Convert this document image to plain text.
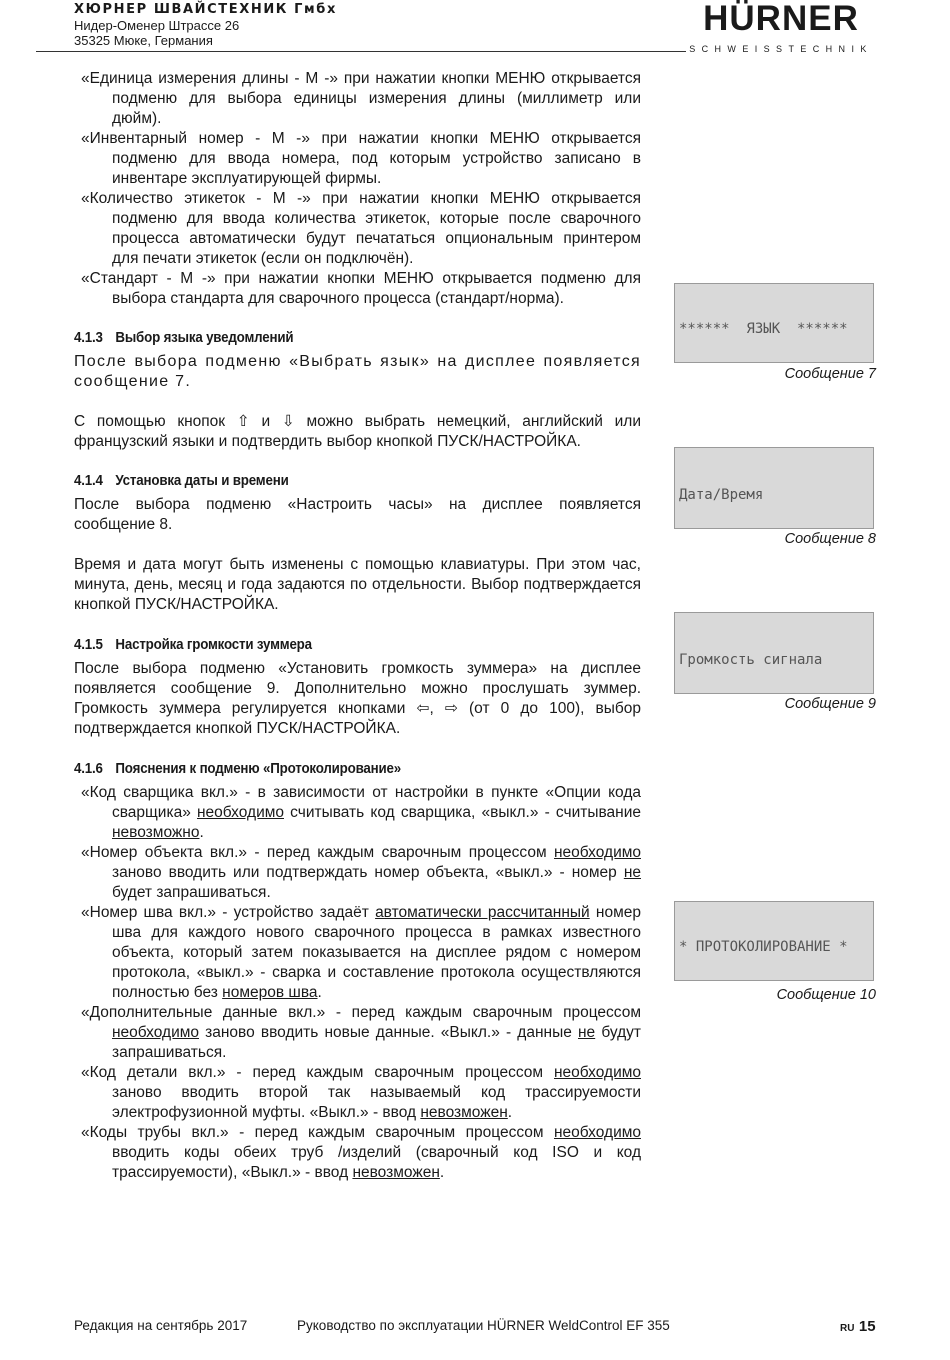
ХЮРНЕР ШВАЙСТЕХНИК Гмбх
Нидер-Оменер Штрассе 26
35325 Мюке, Германия
HÜRNER
SCHWEISSTECHNIK
«Единица измерения длины - М -» при нажатии кнопки МЕНЮ открывается подменю для выбора единицы измерения длины (миллиметр или дюйм).
«Инвентарный номер - М -» при нажатии кнопки МЕНЮ открывается подменю для ввода номера, под которым устройство записано в инвентаре эксплуатирующей фирмы.
«Количество этикеток - М -» при нажатии кнопки МЕНЮ открывается подменю для ввода количества этикеток, которые после сварочного процесса автоматически будут печататься опциональным принтером для печати этикеток (если он подключён).
«Стандарт - М -» при нажатии кнопки МЕНЮ открывается подменю для выбора стандарта для сварочного процесса (стандарт/норма).
4.1.3 Выбор языка уведомлений
После выбора подменю «Выбрать язык» на дисплее появляется сообщение 7.
С помощью кнопок ⇧ и ⇩ можно выбрать немецкий, английский или французский языки и подтвердить выбор кнопкой ПУСК/НАСТРОЙКА.
4.1.4 Установка даты и времени
После выбора подменю «Настроить часы» на дисплее появляется сообщение 8.
Время и дата могут быть изменены с помощью клавиатуры. При этом час, минута, день, месяц и года задаются по отдельности. Выбор подтверждается кнопкой ПУСК/НАСТРОЙКА.
4.1.5 Настройка громкости зуммера
После выбора подменю «Установить громкость зуммера» на дисплее появляется сообщение 9. Дополнительно можно прослушать зуммер. Громкость зуммера регулируется кнопками ⇦, ⇨ (от 0 до 100), выбор подтверждается кнопкой ПУСК/НАСТРОЙКА.
4.1.6 Пояснения к подменю «Протоколирование»
«Код сварщика вкл.» - в зависимости от настройки в пункте «Опции кода сварщика» необходимо считывать код сварщика, «выкл.» - считывание невозможно.
«Номер объекта вкл.» - перед каждым сварочным процессом необходимо заново вводить или подтверждать номер объекта, «выкл.» - номер не будет запрашиваться.
«Номер шва вкл.» - устройство задаёт автоматически рассчитанный номер шва для каждого нового сварочного процесса в рамках известного объекта, который затем показывается на дисплее рядом с номером протокола, «выкл.» - сварка и составление протокола осуществляются полностью без номеров шва.
«Дополнительные данные вкл.» - перед каждым сварочным процессом необходимо заново вводить новые данные. «Выкл.» - данные не будут запрашиваться.
«Код детали вкл.» - перед каждым сварочным процессом необходимо заново вводить второй так называемый код трассируемости электрофузионной муфты. «Выкл.» - ввод невозможен.
«Коды трубы вкл.» - перед каждым сварочным процессом необходимо вводить коды обеих труб /изделий (сварочный код ISO и код трассируемости), «Выкл.» - ввод невозможен.

******  ЯЗЫК  ******

Сообщение 7

Дата/Время

Сообщение 8

Громкость сигнала

Сообщение 9

* ПРОТОКОЛИРОВАНИЕ *

Сообщение 10
Редакция на сентябрь 2017	Руководство по эксплуатации HÜRNER WeldControl EF 355	RU 15
